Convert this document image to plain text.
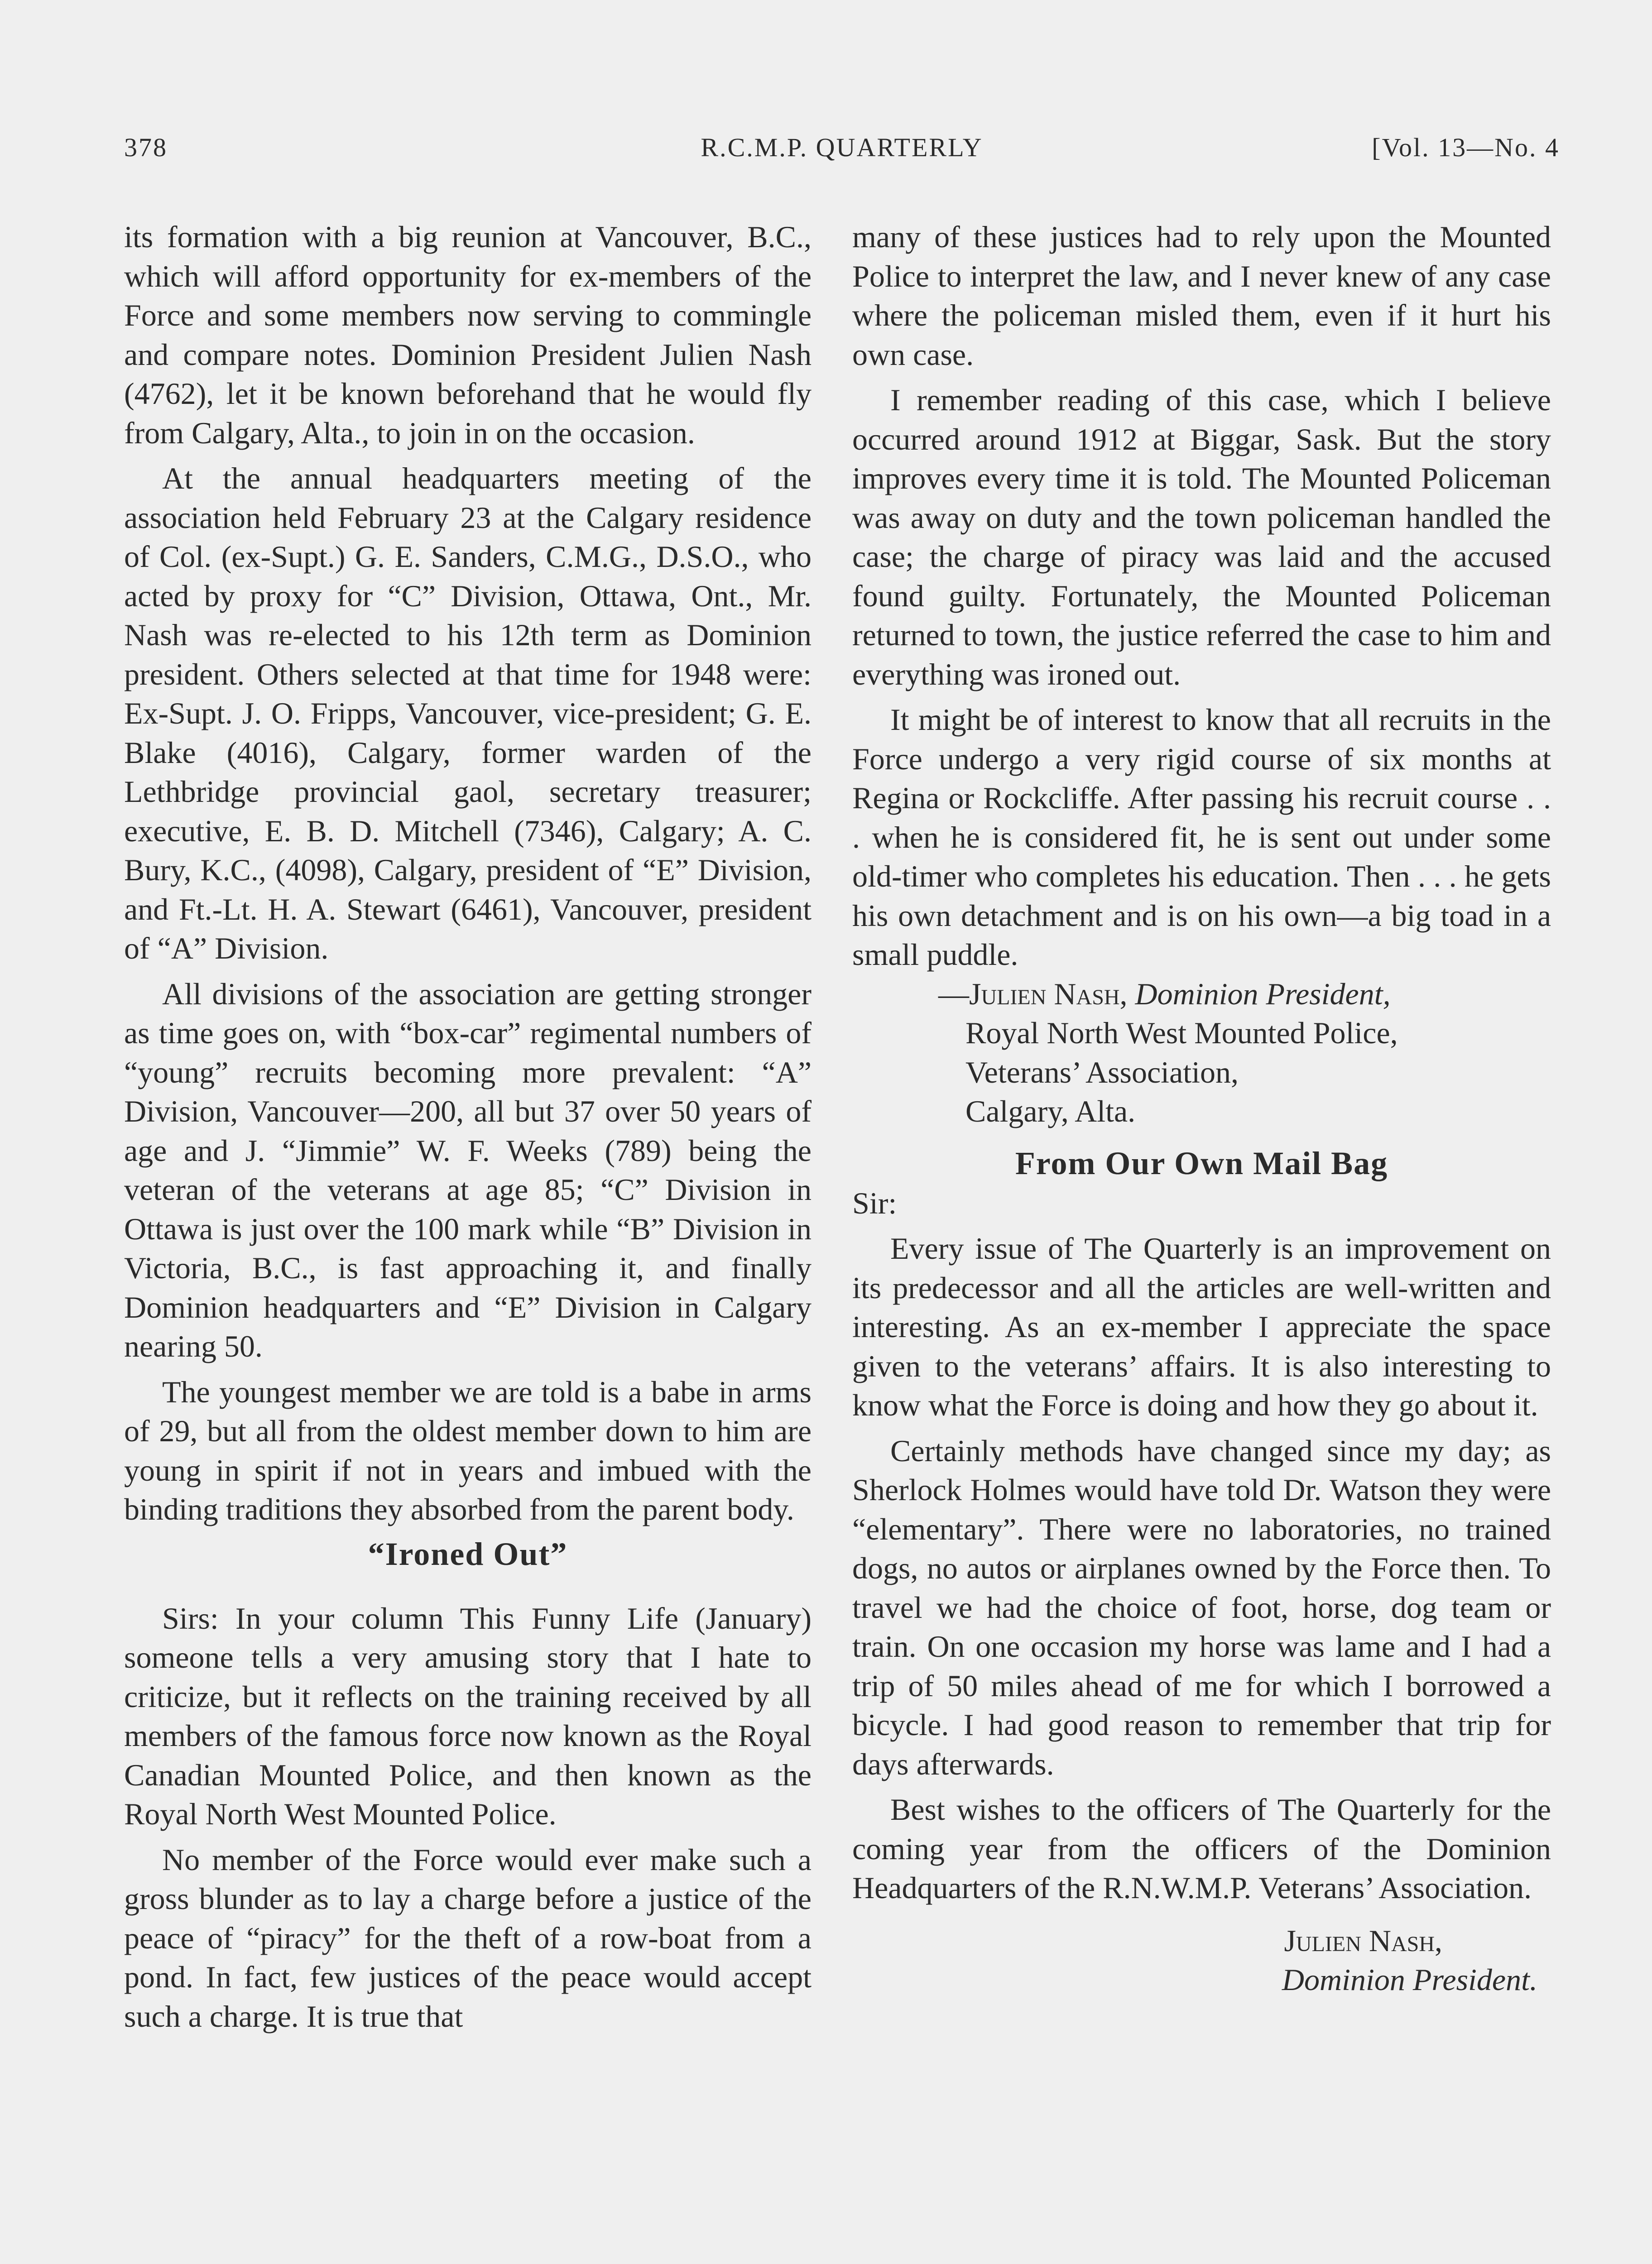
378	R.C.M.P. QUARTERLY	[Vol. 13—No. 4

its formation with a big reunion at Vancouver, B.C., which will afford opportunity for ex-members of the Force and some members now serving to commingle and compare notes. Dominion President Julien Nash (4762), let it be known beforehand that he would fly from Calgary, Alta., to join in on the occasion.

At the annual headquarters meeting of the association held February 23 at the Calgary residence of Col. (ex-Supt.) G. E. Sanders, C.M.G., D.S.O., who acted by proxy for “C” Division, Ottawa, Ont., Mr. Nash was re-elected to his 12th term as Dominion president. Others selected at that time for 1948 were: Ex-Supt. J. O. Fripps, Vancouver, vice-president; G. E. Blake (4016), Calgary, former warden of the Lethbridge provincial gaol, secretary treasurer; executive, E. B. D. Mitchell (7346), Calgary; A. C. Bury, K.C., (4098), Calgary, president of “E” Division, and Ft.-Lt. H. A. Stewart (6461), Vancouver, president of “A” Division.

All divisions of the association are getting stronger as time goes on, with “box-car” regimental numbers of “young” recruits becoming more prevalent: “A” Division, Vancouver—200, all but 37 over 50 years of age and J. “Jimmie” W. F. Weeks (789) being the veteran of the veterans at age 85; “C” Division in Ottawa is just over the 100 mark while “B” Division in Victoria, B.C., is fast approaching it, and finally Dominion headquarters and “E” Division in Calgary nearing 50.

The youngest member we are told is a babe in arms of 29, but all from the oldest member down to him are young in spirit if not in years and imbued with the binding traditions they absorbed from the parent body.

“Ironed Out”

Sirs: In your column This Funny Life (January) someone tells a very amusing story that I hate to criticize, but it reflects on the training received by all members of the famous force now known as the Royal Canadian Mounted Police, and then known as the Royal North West Mounted Police.

No member of the Force would ever make such a gross blunder as to lay a charge before a justice of the peace of “piracy” for the theft of a row-boat from a pond. In fact, few justices of the peace would accept such a charge. It is true that

many of these justices had to rely upon the Mounted Police to interpret the law, and I never knew of any case where the policeman misled them, even if it hurt his own case.

I remember reading of this case, which I believe occurred around 1912 at Biggar, Sask. But the story improves every time it is told. The Mounted Policeman was away on duty and the town policeman handled the case; the charge of piracy was laid and the accused found guilty. Fortunately, the Mounted Policeman returned to town, the justice referred the case to him and everything was ironed out.

It might be of interest to know that all recruits in the Force undergo a very rigid course of six months at Regina or Rockcliffe. After passing his recruit course . . . when he is considered fit, he is sent out under some old-timer who completes his education. Then . . . he gets his own detachment and is on his own—a big toad in a small puddle.

—Julien Nash, Dominion President,
Royal North West Mounted Police,
Veterans’ Association,
Calgary, Alta.
From Our Own Mail Bag

Sir:

Every issue of The Quarterly is an improvement on its predecessor and all the articles are well-written and interesting. As an ex-member I appreciate the space given to the veterans’ affairs. It is also interesting to know what the Force is doing and how they go about it.

Certainly methods have changed since my day; as Sherlock Holmes would have told Dr. Watson they were “elementary”. There were no laboratories, no trained dogs, no autos or airplanes owned by the Force then. To travel we had the choice of foot, horse, dog team or train. On one occasion my horse was lame and I had a trip of 50 miles ahead of me for which I borrowed a bicycle. I had good reason to remember that trip for days afterwards.

Best wishes to the officers of The Quarterly for the coming year from the officers of the Dominion Headquarters of the R.N.W.M.P. Veterans’ Association.

Julien Nash,
Dominion President.
